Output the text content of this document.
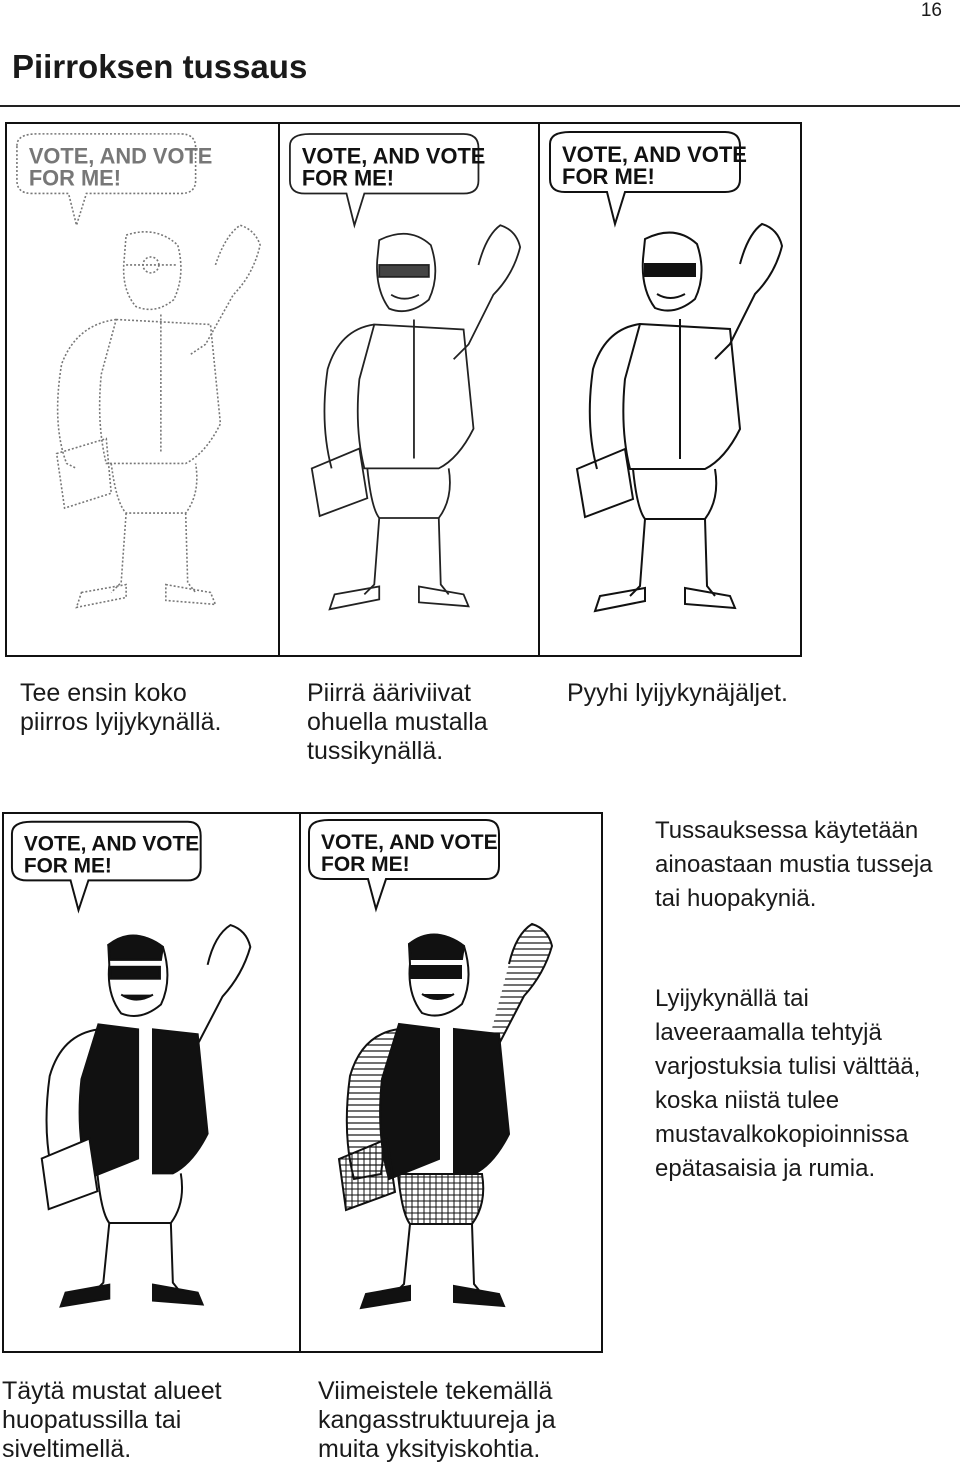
16
Piirroksen tussaus
VOTE, AND VOTE
FOR ME!
VOTE, AND VOTE
FOR ME!
VOTE, AND VOTE
FOR ME!

Tee ensin koko piirros lyijykynällä.

Piirrä ääriviivat ohuella mustalla tussikynällä.

Pyyhi lyijykynäjäljet.

VOTE, AND VOTE
FOR ME!
VOTE, AND VOTE
FOR ME!

Tussauksessa käytetään ainoastaan mustia tusseja tai huopakyniä.

Lyijykynällä tai laveeraamalla tehtyjä varjostuksia tulisi välttää, koska niistä tulee mustavalkokopioinnissa epätasaisia ja rumia.

Täytä mustat alueet huopatussilla tai siveltimellä.

Viimeistele tekemällä kangasstruktuureja ja muita yksityiskohtia.
